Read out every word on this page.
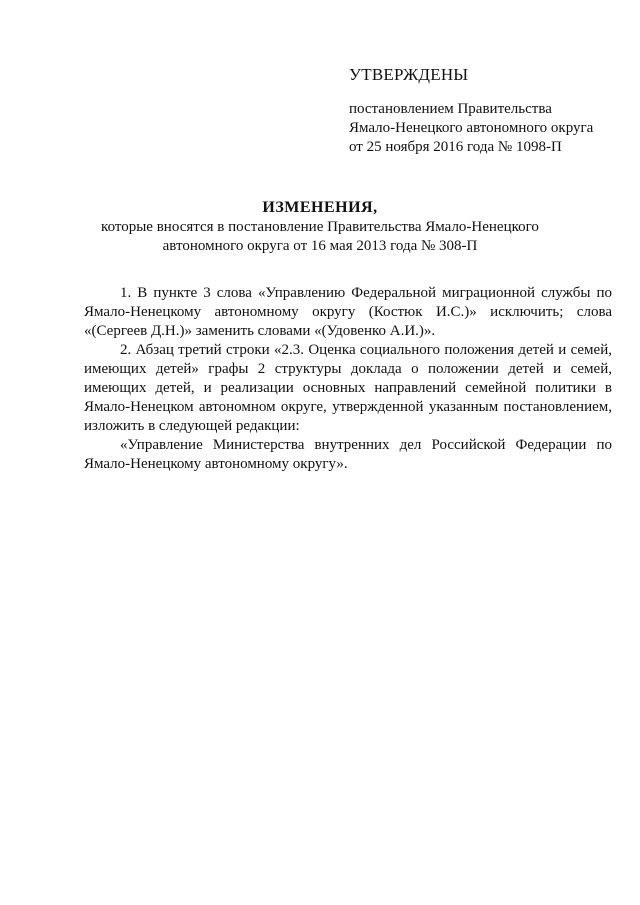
УТВЕРЖДЕНЫ

постановлением Правительства

Ямало-Ненецкого автономного округа

от 25 ноября 2016 года № 1098-П

ИЗМЕНЕНИЯ,

которые вносятся в постановление Правительства Ямало-Ненецкого

автономного округа от 16 мая 2013 года № 308-П

1. В пункте 3 слова «Управлению Федеральной миграционной службы по Ямало-Ненецкому автономному округу (Костюк И.С.)» исключить; слова «(Сергеев Д.Н.)» заменить словами «(Удовенко А.И.)».

2. Абзац третий строки «2.3. Оценка социального положения детей и семей, имеющих детей» графы 2 структуры доклада о положении детей и семей, имеющих детей, и реализации основных направлений семейной политики в Ямало-Ненецком автономном округе, утвержденной указанным постановлением, изложить в следующей редакции:

«Управление Министерства внутренних дел Российской Федерации по Ямало-Ненецкому автономному округу».
